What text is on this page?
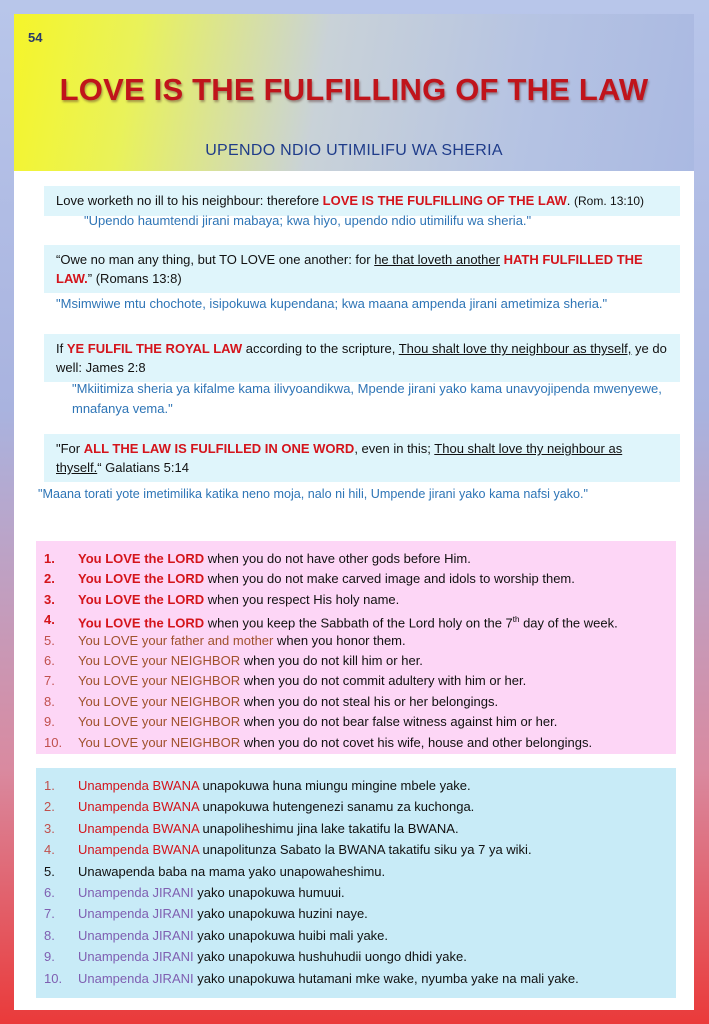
54
LOVE IS THE FULFILLING OF THE LAW
UPENDO NDIO UTIMILIFU WA SHERIA
Love worketh no ill to his neighbour: therefore LOVE IS THE FULFILLING OF THE LAW. (Rom. 13:10)
"Upendo haumtendi jirani mabaya; kwa hiyo, upendo ndio utimilifu wa sheria."
“Owe no man any thing, but TO LOVE one another: for he that loveth another HATH FULFILLED THE LAW.” (Romans 13:8)
"Msimwiwe mtu chochote, isipokuwa kupendana; kwa maana ampenda jirani ametimiza sheria."
If YE FULFIL THE ROYAL LAW according to the scripture, Thou shalt love thy neighbour as thyself, ye do well: James 2:8
"Mkiitimiza sheria ya kifalme kama ilivyoandikwa, Mpende jirani yako kama unavyojipenda mwenyewe, mnafanya vema."
"For ALL THE LAW IS FULFILLED IN ONE WORD, even in this; Thou shalt love thy neighbour as thyself.“ Galatians 5:14
"Maana torati yote imetimilika katika neno moja, nalo ni hili, Umpende jirani yako kama nafsi yako."
1.	You LOVE the LORD when you do not have other gods before Him.
2.	You LOVE the LORD when you do not make carved image and idols to worship them.
3.	You LOVE the LORD when you respect His holy name.
4.	You LOVE the LORD when you keep the Sabbath of the Lord holy on the 7th day of the week.
5.	You LOVE your father and mother when you honor them.
6.	You LOVE your NEIGHBOR when you do not kill him or her.
7.	You LOVE your NEIGHBOR when you do not commit adultery with him or her.
8.	You LOVE your NEIGHBOR when you do not steal his or her belongings.
9.	You LOVE your NEIGHBOR when you do not bear false witness against him or her.
10.	You LOVE your NEIGHBOR when you do not covet his wife, house and other belongings.
1.	Unampenda BWANA unapokuwa huna miungu mingine mbele yake.
2.	Unampenda BWANA unapokuwa hutengenezi sanamu za kuchonga.
3.	Unampenda BWANA unapoliheshimu jina lake takatifu la BWANA.
4.	Unampenda BWANA unapolitunza Sabato la BWANA takatifu siku ya 7 ya wiki.
5.	Unawapenda baba na mama yako unapowaheshimu.
6.	Unampenda JIRANI yako unapokuwa humuui.
7.	Unampenda JIRANI yako unapokuwa huzini naye.
8.	Unampenda JIRANI yako unapokuwa huibi mali yake.
9.	Unampenda JIRANI yako unapokuwa hushuhudii uongo dhidi yake.
10.	Unampenda JIRANI yako unapokuwa hutamani mke wake, nyumba yake na mali yake.
